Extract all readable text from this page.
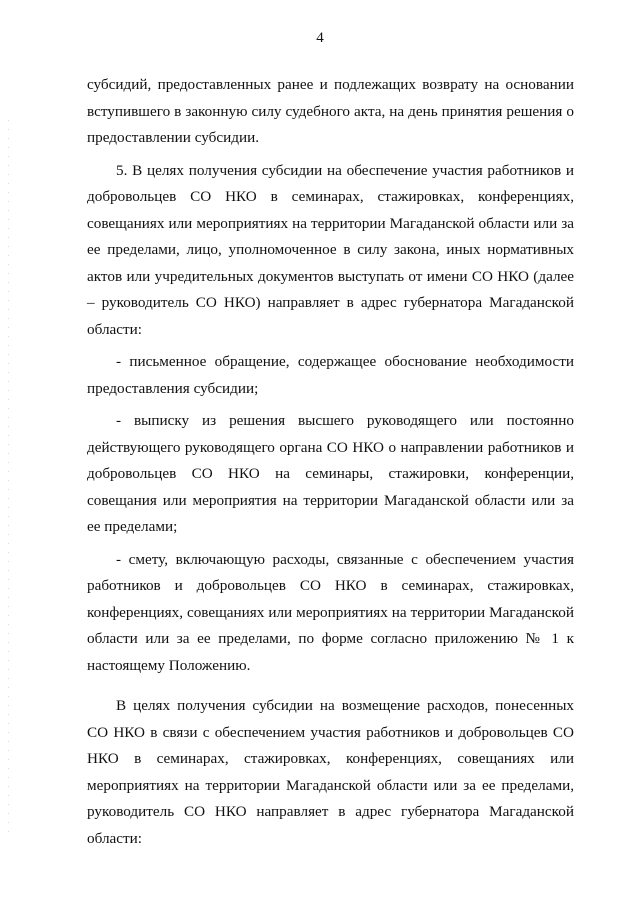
4

субсидий, предоставленных ранее и подлежащих возврату на основании вступившего в законную силу судебного акта, на день принятия решения о предоставлении субсидии.

5. В целях получения субсидии на обеспечение участия работников и добровольцев СО НКО в семинарах, стажировках, конференциях, совещаниях или мероприятиях на территории Магаданской области или за ее пределами, лицо, уполномоченное в силу закона, иных нормативных актов или учредительных документов выступать от имени СО НКО (далее – руководитель СО НКО) направляет в адрес губернатора Магаданской области:

- письменное обращение, содержащее обоснование необходимости предоставления субсидии;

- выписку из решения высшего руководящего или постоянно действующего руководящего органа СО НКО о направлении работников и добровольцев СО НКО на семинары, стажировки, конференции, совещания или мероприятия на территории Магаданской области или за ее пределами;

- смету, включающую расходы, связанные с обеспечением участия работников и добровольцев СО НКО в семинарах, стажировках, конференциях, совещаниях или мероприятиях на территории Магаданской области или за ее пределами, по форме согласно приложению № 1 к настоящему Положению.

В целях получения субсидии на возмещение расходов, понесенных СО НКО в связи с обеспечением участия работников и добровольцев СО НКО в семинарах, стажировках, конференциях, совещаниях или мероприятиях на территории Магаданской области или за ее пределами, руководитель СО НКО направляет в адрес губернатора Магаданской области:
